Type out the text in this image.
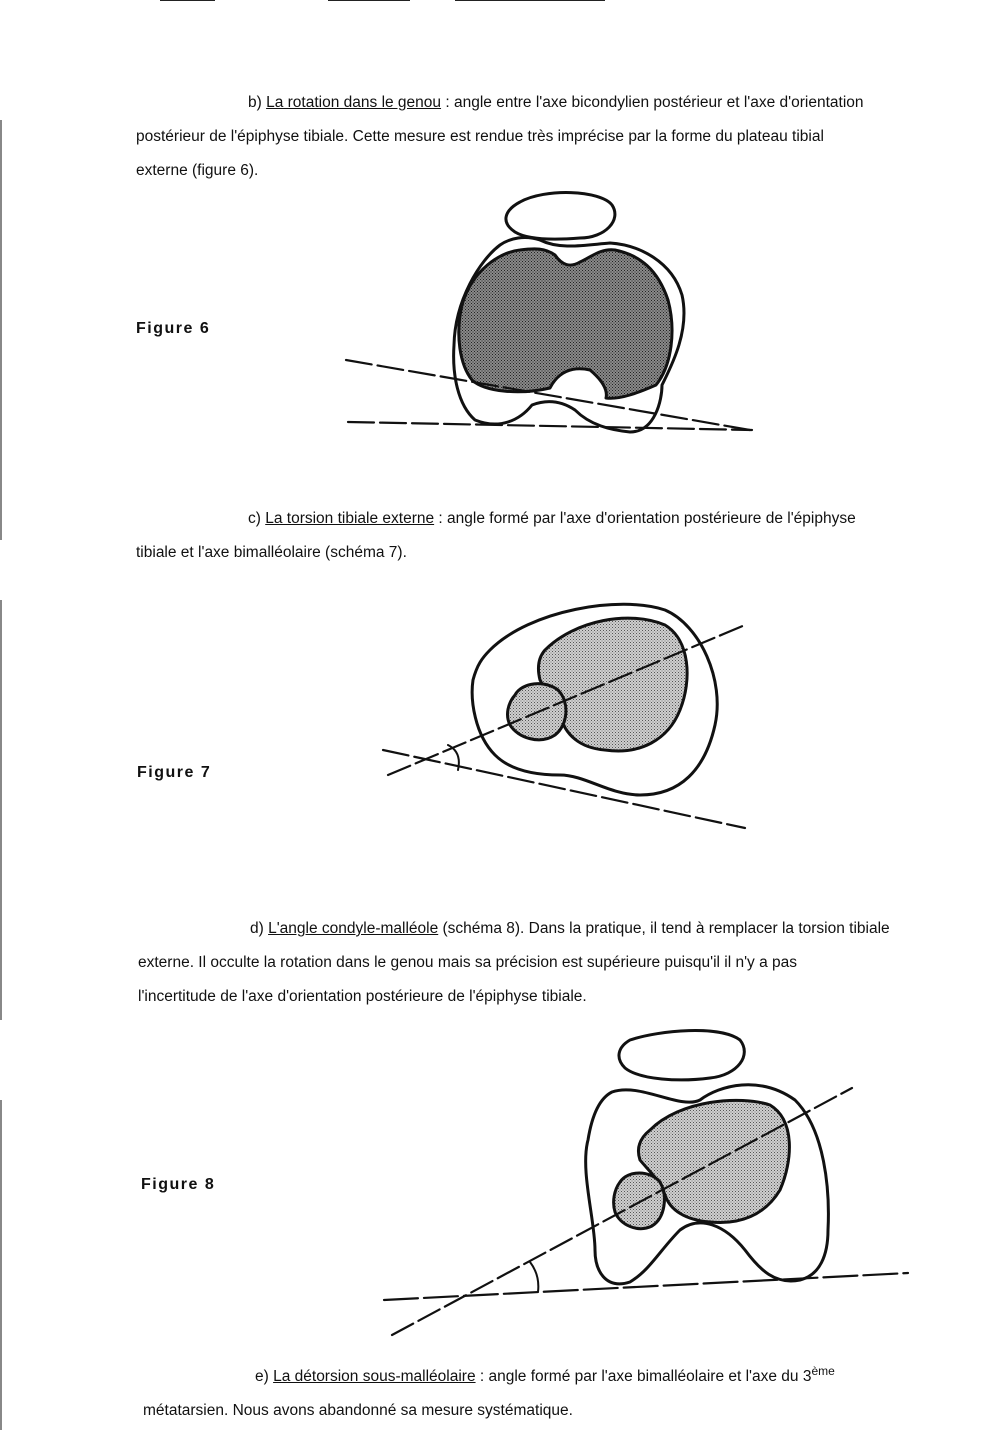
b) La rotation dans le genou : angle entre l'axe bicondylien postérieur et l'axe d'orientation
postérieur de l'épiphyse tibiale. Cette mesure est rendue très imprécise par la forme du plateau tibial
externe (figure 6).
Figure 6
c) La torsion tibiale externe : angle formé par l'axe d'orientation postérieure de l'épiphyse
tibiale et l'axe bimalléolaire (schéma 7).
Figure 7
d) L'angle condyle-malléole (schéma 8). Dans la pratique, il tend à remplacer la torsion tibiale
externe. Il occulte la rotation dans le genou mais sa précision est supérieure puisqu'il il n'y a pas
l'incertitude de l'axe d'orientation postérieure de l'épiphyse tibiale.
Figure 8
e) La détorsion sous-malléolaire : angle formé par l'axe bimalléolaire et l'axe du 3ème
métatarsien. Nous avons abandonné sa mesure systématique.
